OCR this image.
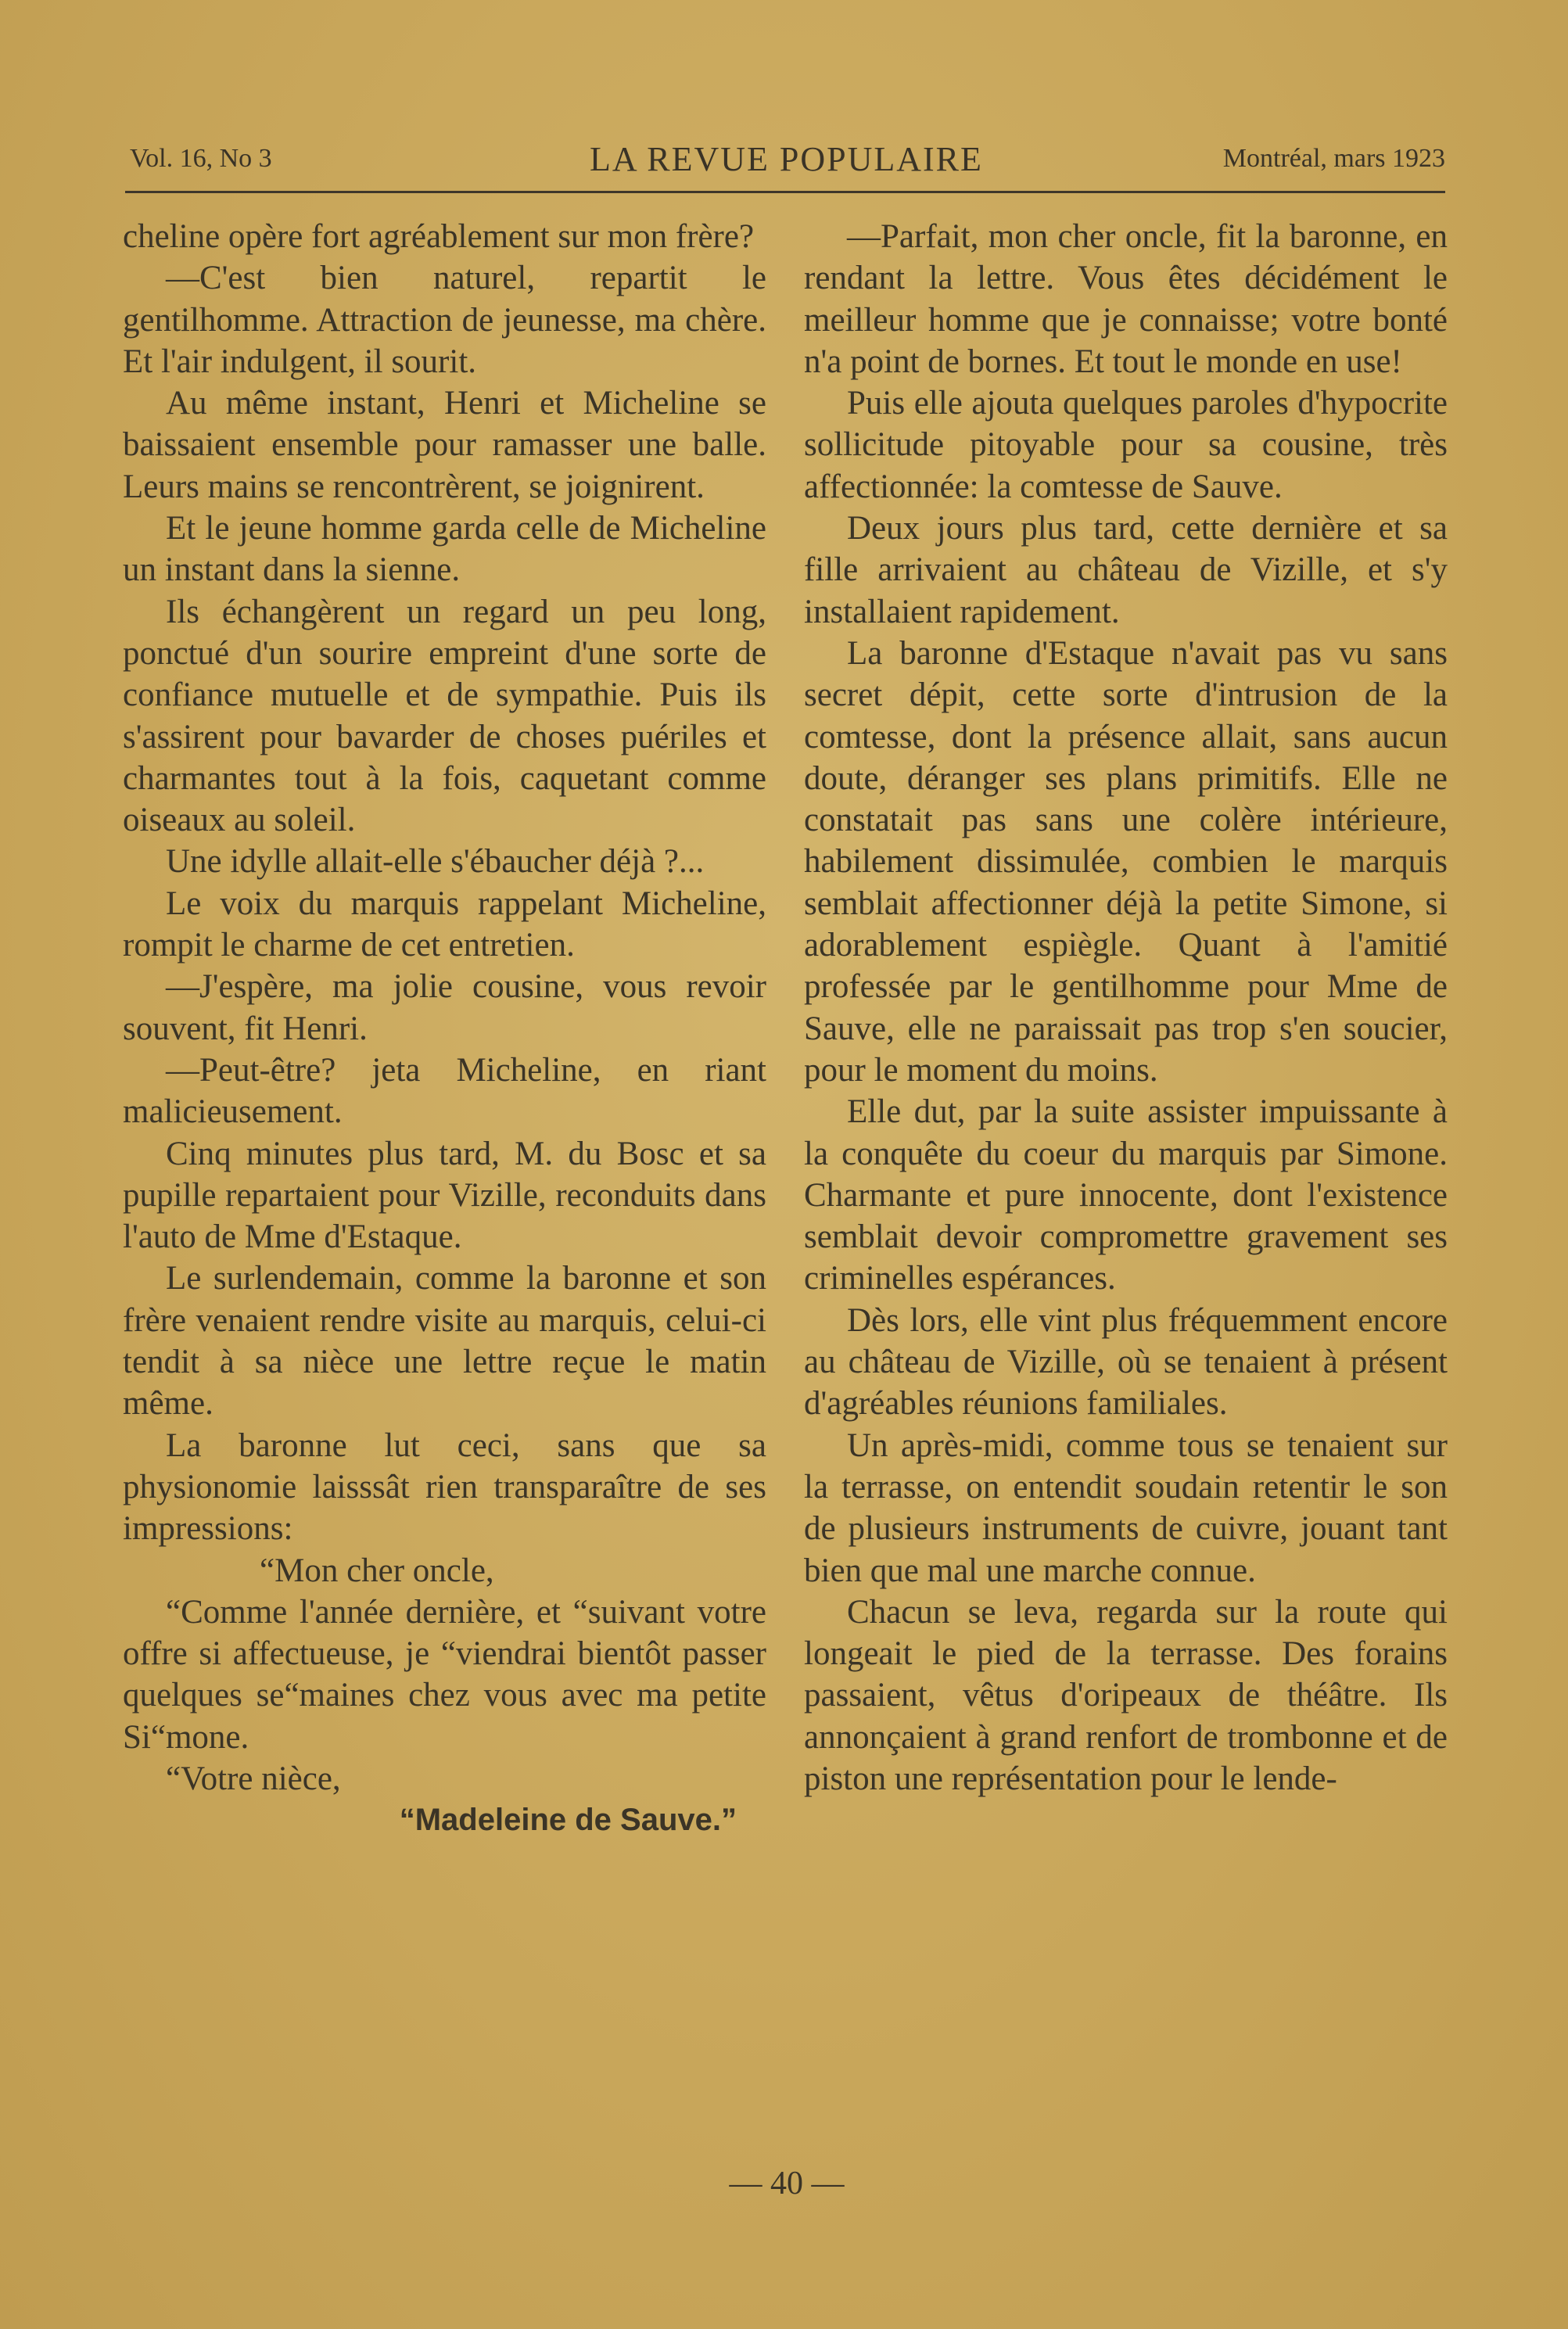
Vol. 16, No 3	LA REVUE POPULAIRE	Montréal, mars 1923

cheline opère fort agréablement sur mon frère?

—C'est bien naturel, repartit le gentilhomme. Attraction de jeunesse, ma chère. Et l'air indulgent, il sourit.

Au même instant, Henri et Micheline se baissaient ensemble pour ramasser une balle. Leurs mains se rencontrèrent, se joignirent.

Et le jeune homme garda celle de Micheline un instant dans la sienne.

Ils échangèrent un regard un peu long, ponctué d'un sourire empreint d'une sorte de confiance mutuelle et de sympathie. Puis ils s'assirent pour bavarder de choses puériles et charmantes tout à la fois, caquetant comme oiseaux au soleil.

Une idylle allait-elle s'ébaucher déjà ?...

Le voix du marquis rappelant Micheline, rompit le charme de cet entretien.

—J'espère, ma jolie cousine, vous revoir souvent, fit Henri.

—Peut-être? jeta Micheline, en riant malicieusement.

Cinq minutes plus tard, M. du Bosc et sa pupille repartaient pour Vizille, reconduits dans l'auto de Mme d'Estaque.

Le surlendemain, comme la baronne et son frère venaient rendre visite au marquis, celui-ci tendit à sa nièce une lettre reçue le matin même.

La baronne lut ceci, sans que sa physionomie laisssât rien transparaître de ses impressions:

“Mon cher oncle,

“Comme l'année dernière, et “suivant votre offre si affectueuse, je “viendrai bientôt passer quelques se“maines chez vous avec ma petite Si“mone.

“Votre nièce,

“Madeleine de Sauve.”

—Parfait, mon cher oncle, fit la baronne, en rendant la lettre. Vous êtes décidément le meilleur homme que je connaisse; votre bonté n'a point de bornes. Et tout le monde en use!

Puis elle ajouta quelques paroles d'hypocrite sollicitude pitoyable pour sa cousine, très affectionnée: la comtesse de Sauve.

Deux jours plus tard, cette dernière et sa fille arrivaient au château de Vizille, et s'y installaient rapidement.

La baronne d'Estaque n'avait pas vu sans secret dépit, cette sorte d'intrusion de la comtesse, dont la présence allait, sans aucun doute, déranger ses plans primitifs. Elle ne constatait pas sans une colère intérieure, habilement dissimulée, combien le marquis semblait affectionner déjà la petite Simone, si adorablement espiègle. Quant à l'amitié professée par le gentilhomme pour Mme de Sauve, elle ne paraissait pas trop s'en soucier, pour le moment du moins.

Elle dut, par la suite assister impuissante à la conquête du coeur du marquis par Simone. Charmante et pure innocente, dont l'existence semblait devoir compromettre gravement ses criminelles espérances.

Dès lors, elle vint plus fréquemment encore au château de Vizille, où se tenaient à présent d'agréables réunions familiales.

Un après-midi, comme tous se tenaient sur la terrasse, on entendit soudain retentir le son de plusieurs instruments de cuivre, jouant tant bien que mal une marche connue.

Chacun se leva, regarda sur la route qui longeait le pied de la terrasse. Des forains passaient, vêtus d'oripeaux de théâtre. Ils annonçaient à grand renfort de trombonne et de piston une représentation pour le lende-

— 40 —
